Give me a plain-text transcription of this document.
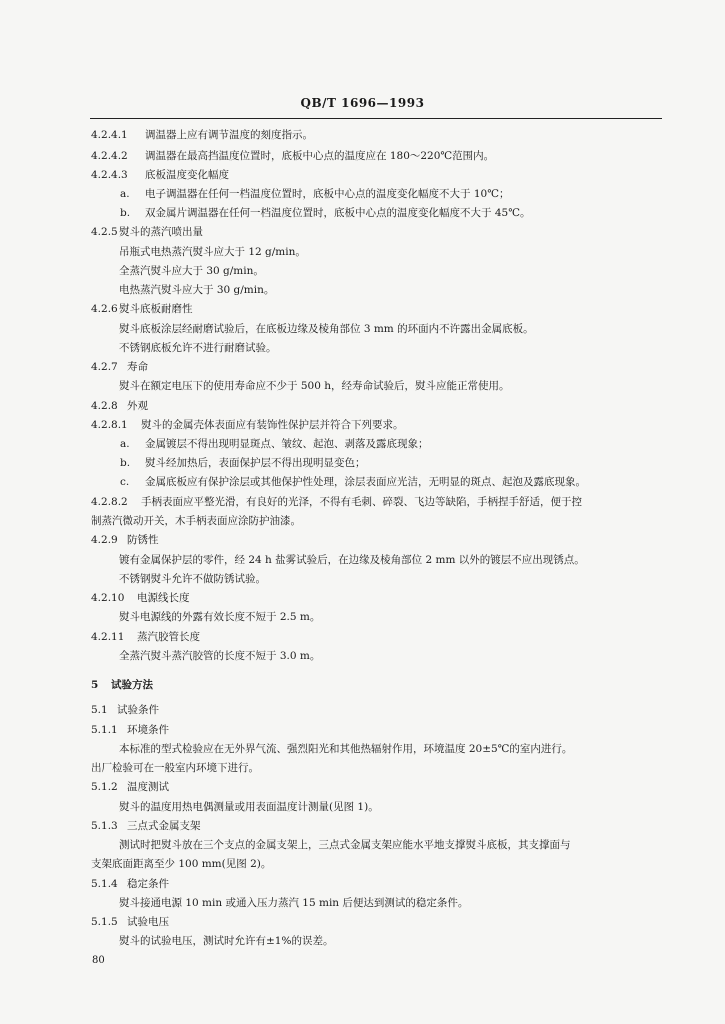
QB/T 1696—1993
4.2.4.1 调温器上应有调节温度的刻度指示。
4.2.4.2 调温器在最高挡温度位置时，底板中心点的温度应在 180～220℃范围内。
4.2.4.3 底板温度变化幅度
a. 电子调温器在任何一档温度位置时，底板中心点的温度变化幅度不大于 10℃；
b. 双金属片调温器在任何一档温度位置时，底板中心点的温度变化幅度不大于 45℃。
4.2.5熨斗的蒸汽喷出量
吊瓶式电热蒸汽熨斗应大于 12 g/min。
全蒸汽熨斗应大于 30 g/min。
电热蒸汽熨斗应大于 30 g/min。
4.2.6熨斗底板耐磨性
熨斗底板涂层经耐磨试验后，在底板边缘及棱角部位 3 mm 的环面内不许露出金属底板。
不锈钢底板允许不进行耐磨试验。
4.2.7 寿命
熨斗在额定电压下的使用寿命应不少于 500 h，经寿命试验后，熨斗应能正常使用。
4.2.8 外观
4.2.8.1 熨斗的金属壳体表面应有装饰性保护层并符合下列要求。
a. 金属镀层不得出现明显斑点、皱纹、起泡、剥落及露底现象；
b. 熨斗经加热后，表面保护层不得出现明显变色；
c. 金属底板应有保护涂层或其他保护性处理，涂层表面应光洁，无明显的斑点、起泡及露底现象。
4.2.8.2 手柄表面应平整光滑，有良好的光泽，不得有毛刺、碎裂、飞边等缺陷，手柄捏手舒适，便于控
制蒸汽微动开关，木手柄表面应涂防护油漆。
4.2.9 防锈性
镀有金属保护层的零件，经 24 h 盐雾试验后，在边缘及棱角部位 2 mm 以外的镀层不应出现锈点。
不锈钢熨斗允许不做防锈试验。
4.2.10 电源线长度
熨斗电源线的外露有效长度不短于 2.5 m。
4.2.11 蒸汽胶管长度
全蒸汽熨斗蒸汽胶管的长度不短于 3.0 m。
5 试验方法
5.1 试验条件
5.1.1 环境条件
本标准的型式检验应在无外界气流、强烈阳光和其他热辐射作用，环境温度 20±5℃的室内进行。
出厂检验可在一般室内环境下进行。
5.1.2 温度测试
熨斗的温度用热电偶测量或用表面温度计测量(见图 1)。
5.1.3 三点式金属支架
测试时把熨斗放在三个支点的金属支架上，三点式金属支架应能水平地支撑熨斗底板，其支撑面与
支架底面距离至少 100 mm(见图 2)。
5.1.4 稳定条件
熨斗接通电源 10 min 或通入压力蒸汽 15 min 后便达到测试的稳定条件。
5.1.5 试验电压
熨斗的试验电压，测试时允许有±1%的误差。
80
